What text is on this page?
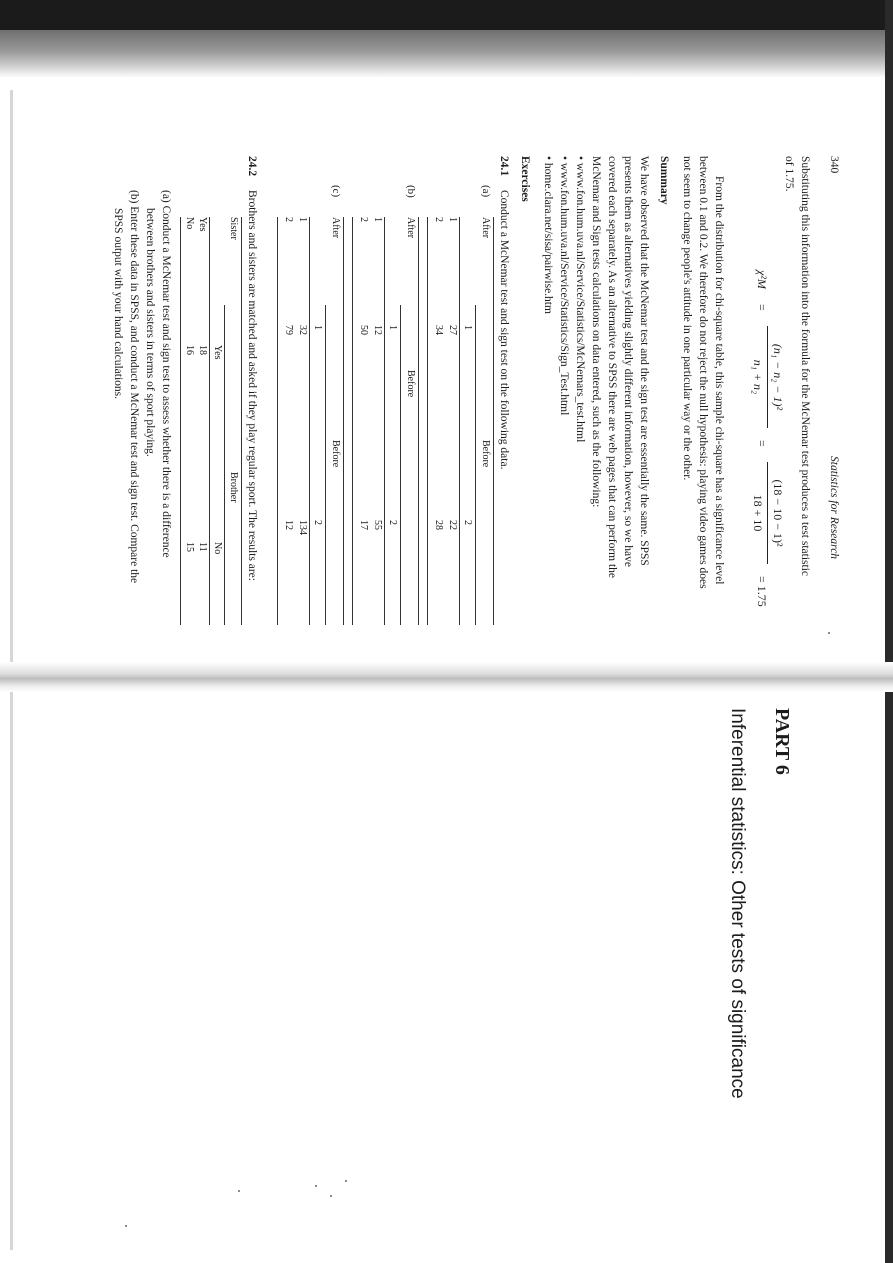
340
Statistics for Research
Substituting this information into the formula for the McNemar test produces a test statistic
of 1.75.
χ²M
=
(n₁ − n₂ − 1)²
n₁ + n₂
=
(18 − 10 − 1)²
18 + 10
= 1.75
From the distribution for chi-square table, this sample chi-square has a significance level
between 0.1 and 0.2. We therefore do not reject the null hypothesis: playing video games does
not seem to change people's attitude in one particular way or the other.
Summary
We have observed that the McNemar test and the sign test are essentially the same. SPSS
presents them as alternatives yielding slightly different information, however, so we have
covered each separately. As an alternative to SPSS there are web pages that can perform the
McNemar and Sign tests calculations on data entered, such as the following:
• www.fon.hum.uva.nl/Service/Statistics/McNemars_test.html
• www.fon.hum.uva.nl/Service/Statistics/Sign_Test.html
• home.clara.net/sisa/pairwise.htm
Exercises
24.1
Conduct a McNemar test and sign test on the following data.
(a)
After
Before
1
2
1
27
22
2
34
28
(b)
After
Before
1
2
1
12
55
2
50
17
(c)
After
Before
1
2
1
32
134
2
79
12
24.2
Brothers and sisters are matched and asked if they play regular sport. The results are:
Sister
Brother
Yes
No
Yes
18
11
No
16
15
(a) Conduct a McNemar test and sign test to assess whether there is a difference
between brothers and sisters in terms of sport playing.
(b) Enter these data in SPSS, and conduct a McNemar test and sign test. Compare the
SPSS output with your hand calculations.
PART 6
Inferential statistics: Other tests of significance
